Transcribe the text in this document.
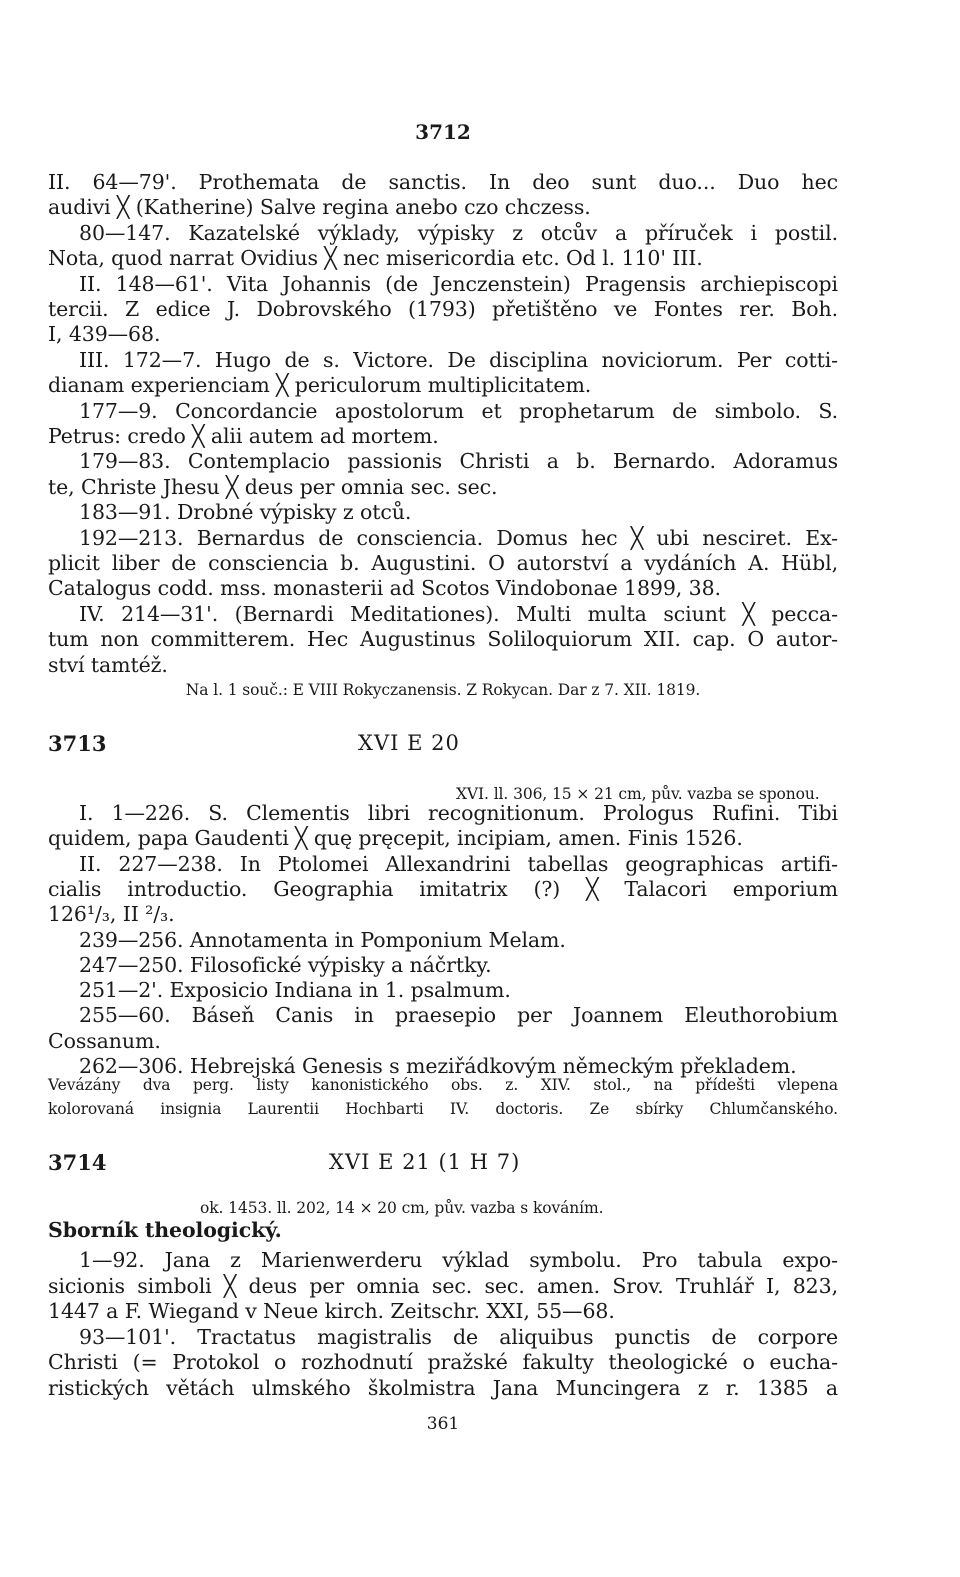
3712
II. 64—79'. Prothemata de sanctis. In deo sunt duo... Duo hec
audivi ╳ (Katherine) Salve regina anebo czo chczess.
80—147. Kazatelské výklady, výpisky z otcův a příruček i postil.
Nota, quod narrat Ovidius ╳ nec misericordia etc. Od l. 110' III.
II. 148—61'. Vita Johannis (de Jenczenstein) Pragensis archiepiscopi
tercii. Z edice J. Dobrovského (1793) přetištěno ve Fontes rer. Boh.
I, 439—68.
III. 172—7. Hugo de s. Victore. De disciplina noviciorum. Per cotti-
dianam experienciam ╳ periculorum multiplicitatem.
177—9. Concordancie apostolorum et prophetarum de simbolo. S.
Petrus: credo ╳ alii autem ad mortem.
179—83. Contemplacio passionis Christi a b. Bernardo. Adoramus
te, Christe Jhesu ╳ deus per omnia sec. sec.
183—91. Drobné výpisky z otců.
192—213. Bernardus de consciencia. Domus hec ╳ ubi nesciret. Ex-
plicit liber de consciencia b. Augustini. O autorství a vydáních A. Hübl,
Catalogus codd. mss. monasterii ad Scotos Vindobonae 1899, 38.
IV. 214—31'. (Bernardi Meditationes). Multi multa sciunt ╳ pecca-
tum non committerem. Hec Augustinus Soliloquiorum XII. cap. O autor-
ství tamtéž.
Na l. 1 souč.: E VIII Rokyczanensis. Z Rokycan. Dar z 7. XII. 1819.
3713	XVI E 20
XVI. ll. 306, 15 × 21 cm, pův. vazba se sponou.
I. 1—226. S. Clementis libri recognitionum. Prologus Rufini. Tibi
quidem, papa Gaudenti ╳ quę pręcepit, incipiam, amen. Finis 1526.
II. 227—238. In Ptolomei Allexandrini tabellas geographicas artifi-
cialis introductio. Geographia imitatrix (?) ╳ Talacori emporium
126¹/₃, II ²/₃.
239—256. Annotamenta in Pomponium Melam.
247—250. Filosofické výpisky a náčrtky.
251—2'. Exposicio Indiana in 1. psalmum.
255—60. Báseň Canis in praesepio per Joannem Eleuthorobium
Cossanum.
262—306. Hebrejská Genesis s meziřádkovým německým překladem.
Vevázány dva perg. listy kanonistického obs. z. XIV. stol., na přídešti vlepena
kolorovaná insignia Laurentii Hochbarti IV. doctoris. Ze sbírky Chlumčanského.
3714	XVI E 21 (1 H 7)
ok. 1453. ll. 202, 14 × 20 cm, pův. vazba s kováním.
Sborník theologický.
1—92. Jana z Marienwerderu výklad symbolu. Pro tabula expo-
sicionis simboli ╳ deus per omnia sec. sec. amen. Srov. Truhlář I, 823,
1447 a F. Wiegand v Neue kirch. Zeitschr. XXI, 55—68.
93—101'. Tractatus magistralis de aliquibus punctis de corpore
Christi (= Protokol o rozhodnutí pražské fakulty theologické o eucha-
ristických větách ulmského školmistra Jana Muncingera z r. 1385 a
361
